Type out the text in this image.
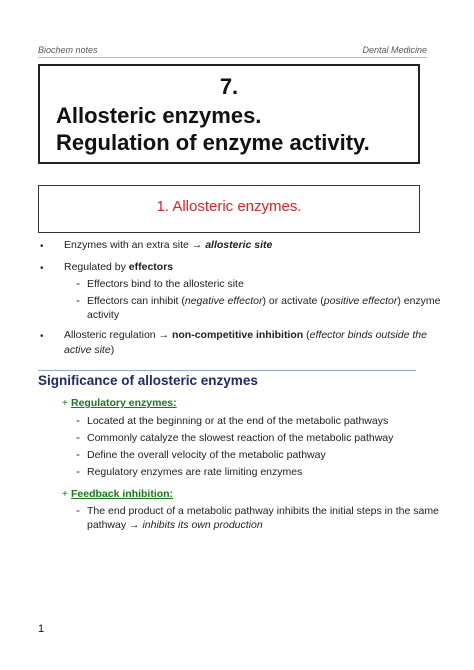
Biochem notes	Dental Medicine
7.
Allosteric enzymes.
Regulation of enzyme activity.
1. Allosteric enzymes.
• Enzymes with an extra site → allosteric site
• Regulated by effectors
- Effectors bind to the allosteric site
- Effectors can inhibit (negative effector) or activate (positive effector) enzyme
activity
• Allosteric regulation → non-competitive inhibition (effector binds outside the
active site)
Significance of allosteric enzymes
+ Regulatory enzymes:
- Located at the beginning or at the end of the metabolic pathways
- Commonly catalyze the slowest reaction of the metabolic pathway
- Define the overall velocity of the metabolic pathway
- Regulatory enzymes are rate limiting enzymes
+ Feedback inhibition:
- The end product of a metabolic pathway inhibits the initial steps in the same
pathway → inhibits its own production
1
